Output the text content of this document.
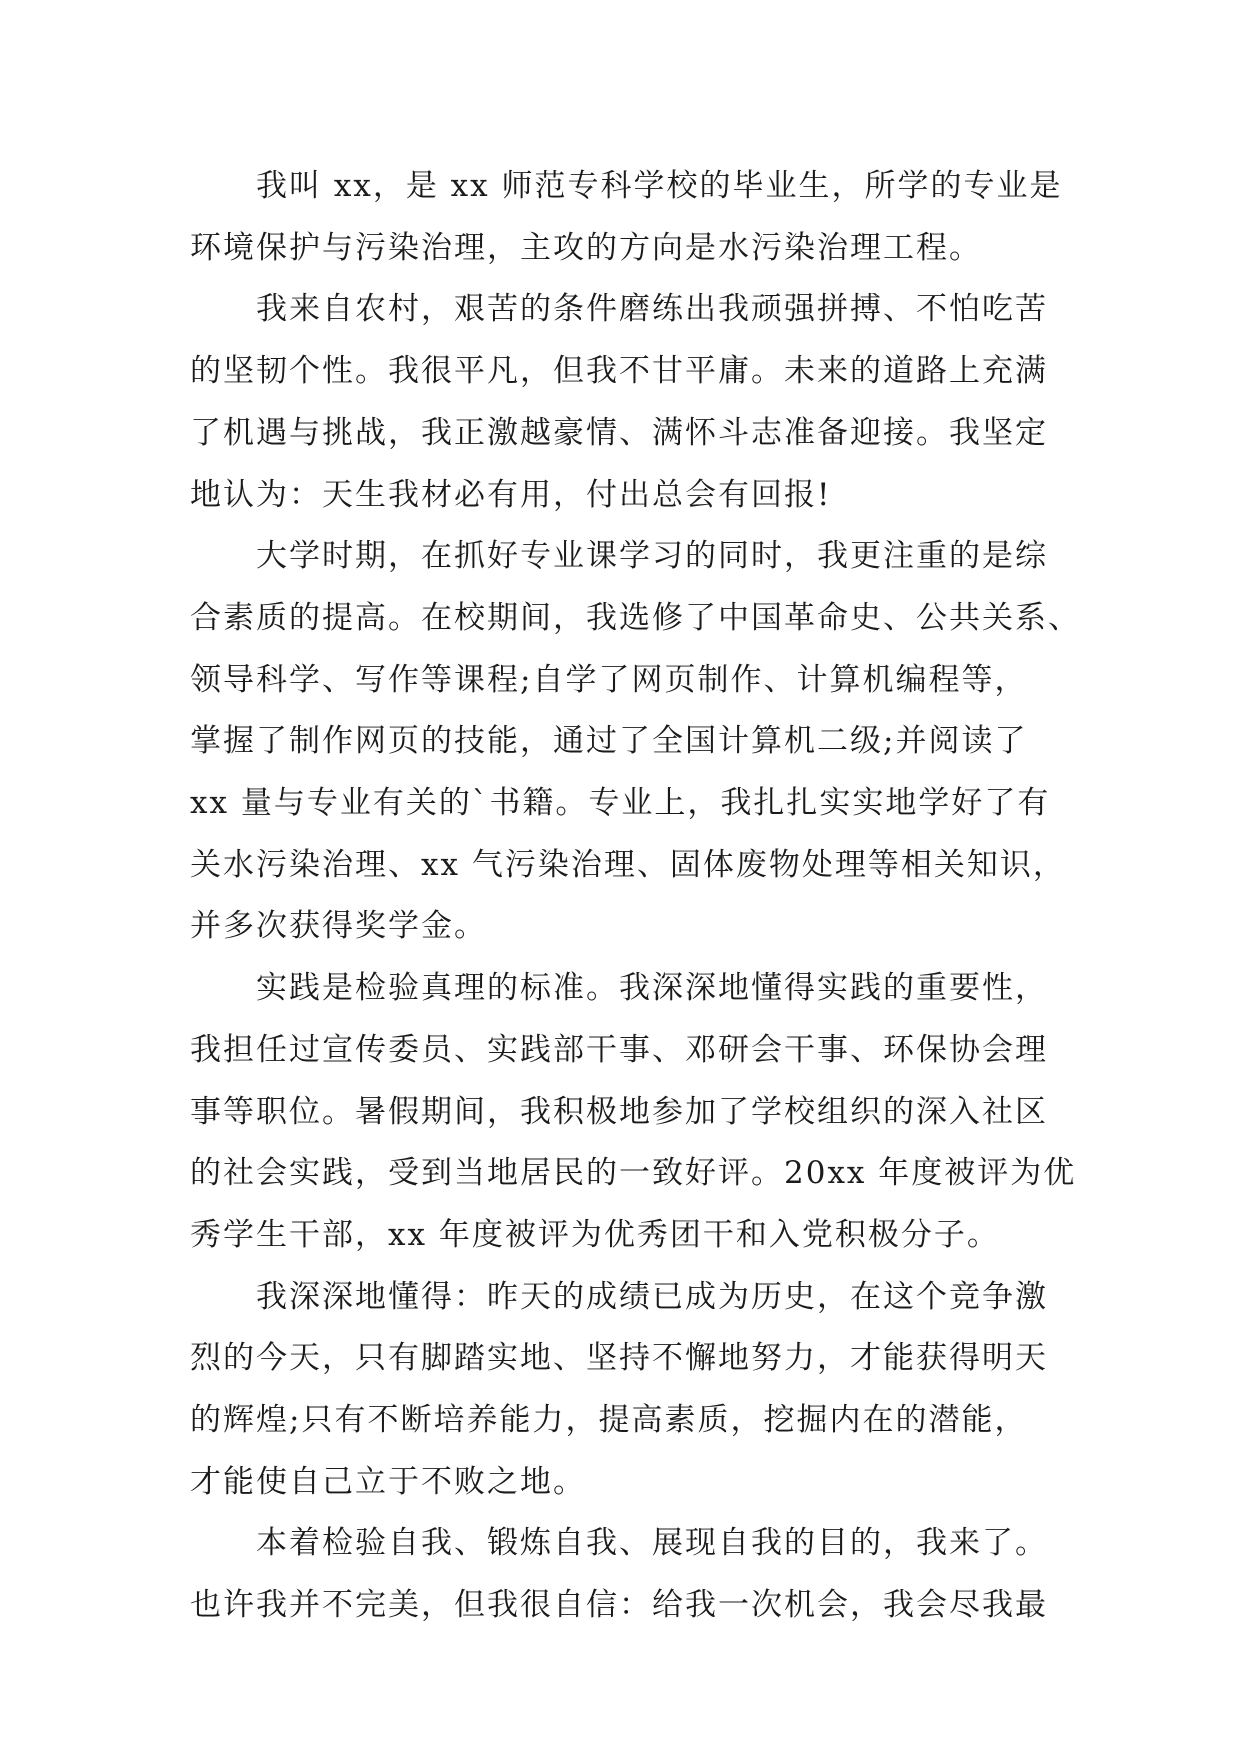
我叫 xx，是 xx 师范专科学校的毕业生，所学的专业是
环境保护与污染治理，主攻的方向是水污染治理工程。

我来自农村，艰苦的条件磨练出我顽强拼搏、不怕吃苦
的坚韧个性。我很平凡，但我不甘平庸。未来的道路上充满
了机遇与挑战，我正激越豪情、满怀斗志准备迎接。我坚定
地认为：天生我材必有用，付出总会有回报!

大学时期，在抓好专业课学习的同时，我更注重的是综
合素质的提高。在校期间，我选修了中国革命史、公共关系、
领导科学、写作等课程;自学了网页制作、计算机编程等，
掌握了制作网页的技能，通过了全国计算机二级;并阅读了
xx 量与专业有关的`书籍。专业上，我扎扎实实地学好了有
关水污染治理、xx 气污染治理、固体废物处理等相关知识，
并多次获得奖学金。

实践是检验真理的标准。我深深地懂得实践的重要性，
我担任过宣传委员、实践部干事、邓研会干事、环保协会理
事等职位。暑假期间，我积极地参加了学校组织的深入社区
的社会实践，受到当地居民的一致好评。20xx 年度被评为优
秀学生干部，xx 年度被评为优秀团干和入党积极分子。

我深深地懂得：昨天的成绩已成为历史，在这个竞争激
烈的今天，只有脚踏实地、坚持不懈地努力，才能获得明天
的辉煌;只有不断培养能力，提高素质，挖掘内在的潜能，
才能使自己立于不败之地。

本着检验自我、锻炼自我、展现自我的目的，我来了。
也许我并不完美，但我很自信：给我一次机会，我会尽我最
